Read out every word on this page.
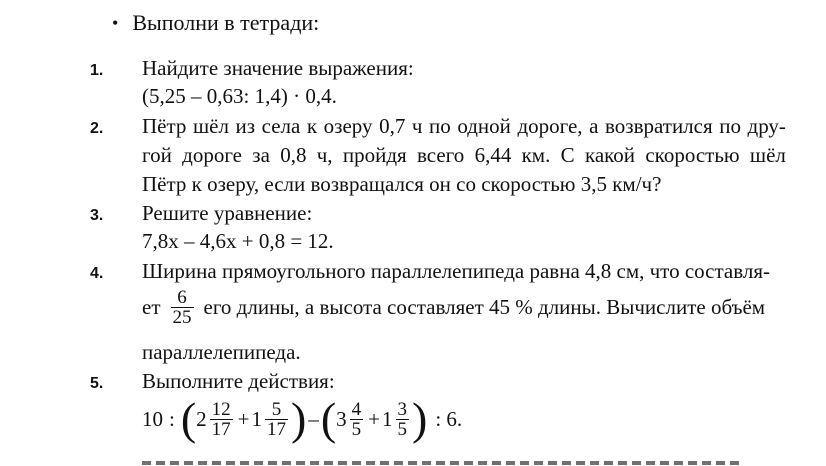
• Выполни в тетради:
1. Найдите значение выражения:
(5,25 – 0,63: 1,4) · 0,4.
2. Пётр шёл из села к озеру 0,7 ч по одной дороге, а возвратился по дру-
гой дороге за 0,8 ч, пройдя всего 6,44 км. С какой скоростью шёл
Пётр к озеру, если возвращался он со скоростью 3,5 км/ч?
3. Решите уравнение:
7,8x – 4,6x + 0,8 = 12.
4. Ширина прямоугольного параллелепипеда равна 4,8 см, что составля-
ет $\frac{6}{25}$ его длины, а высота составляет 45 % длины. Вычислите объём
параллелепипеда.
5. Выполните действия:
10 : ( $2 \frac{12}{17} + 1 \frac{5}{17}$ ) – ( $3 \frac{4}{5} + 1 \frac{3}{5}$ ) : 6.
